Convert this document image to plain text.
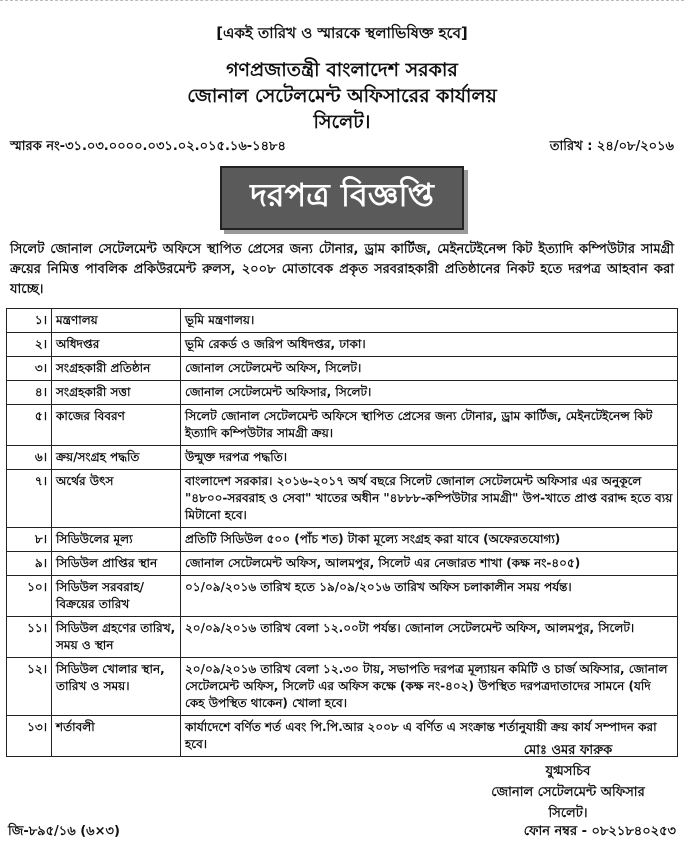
[একই তারিখ ও স্মারকে স্থলাভিষিক্ত হবে]
গণপ্রজাতন্ত্রী বাংলাদেশ সরকার
জোনাল সেটেলমেন্ট অফিসারের কার্যালয়
সিলেট।
স্মারক নং-৩১.০৩.০০০০.০৩১.০২.০১৫.১৬-১৪৮৪	তারিখ : ২৪/০৮/২০১৬
দরপত্র বিজ্ঞপ্তি
সিলেট জোনাল সেটেলমেন্ট অফিসে স্থাপিত প্রেসের জন্য টোনার, ড্রাম কার্টিজ, মেইনটেইনেন্স কিট ইত্যাদি কম্পিউটার সামগ্রী ক্রয়ের নিমিত্ত পাবলিক প্রকিউরমেন্ট রুলস, ২০০৮ মোতাবেক প্রকৃত সরবরাহকারী প্রতিষ্ঠানের নিকট হতে দরপত্র আহবান করা যাচ্ছে।
১।	মন্ত্রণালয়	ভূমি মন্ত্রণালয়।
২।	অধিদপ্তর	ভূমি রেকর্ড ও জরিপ অধিদপ্তর, ঢাকা।
৩।	সংগ্রহকারী প্রতিষ্ঠান	জোনাল সেটেলমেন্ট অফিস, সিলেট।
৪।	সংগ্রহকারী সত্তা	জোনাল সেটেলমেন্ট অফিসার, সিলেট।
৫।	কাজের বিবরণ	সিলেট জোনাল সেটেলমেন্ট অফিসে স্থাপিত প্রেসের জন্য টোনার, ড্রাম কার্টিজ, মেইনটেইনেন্স কিট ইত্যাদি কম্পিউটার সামগ্রী ক্রয়।
৬।	ক্রয়/সংগ্রহ পদ্ধতি	উন্মুক্ত দরপত্র পদ্ধতি।
৭।	অর্থের উৎস	বাংলাদেশ সরকার। ২০১৬-২০১৭ অর্থ বছরে সিলেট জোনাল সেটেলমেন্ট অফিসার এর অনুকূলে "৪৮০০-সরবরাহ ও সেবা" খাতের অধীন "৪৮৮৮-কম্পিউটার সামগ্রী" উপ-খাতে প্রাপ্ত বরাদ্দ হতে ব্যয় মিটানো হবে।
৮।	সিডিউলের মূল্য	প্রতিটি সিডিউল ৫০০ (পাঁচ শত) টাকা মূল্যে সংগ্রহ করা যাবে (অফেরতযোগ্য)
৯।	সিডিউল প্রাপ্তির স্থান	জোনাল সেটেলমেন্ট অফিস, আলমপুর, সিলেট এর নেজারত শাখা (কক্ষ নং-৪০৫)
১০।	সিডিউল সরবরাহ/ বিক্রয়ের তারিখ	০১/০৯/২০১৬ তারিখ হতে ১৯/০৯/২০১৬ তারিখ অফিস চলাকালীন সময় পর্যন্ত।
১১।	সিডিউল গ্রহণের তারিখ, সময় ও স্থান	২০/০৯/২০১৬ তারিখ বেলা ১২.০০টা পর্যন্ত। জোনাল সেটেলমেন্ট অফিস, আলমপুর, সিলেট।
১২।	সিডিউল খোলার স্থান, তারিখ ও সময়।	২০/০৯/২০১৬ তারিখ বেলা ১২.৩০ টায়, সভাপতি দরপত্র মূল্যায়ন কমিটি ও চার্জ অফিসার, জোনাল সেটেলমেন্ট অফিস, সিলেট এর অফিস কক্ষে (কক্ষ নং-৪০২) উপস্থিত দরপত্রদাতাদের সামনে (যদি কেহ উপস্থিত থাকেন) খোলা হবে।
১৩।	শর্তাবলী	কার্যাদেশে বর্ণিত শর্ত এবং পি.পি.আর ২০০৮ এ বর্ণিত এ সংক্রান্ত শর্তানুযায়ী ক্রয় কার্য সম্পাদন করা হবে।	মোঃ ওমর ফারুক
যুগ্মসচিব
জোনাল সেটেলমেন্ট অফিসার
সিলেট।
জি-৮৯৫/১৬ (৬×৩)	ফোন নম্বর - ০৮২১৮৪০২৫৩
